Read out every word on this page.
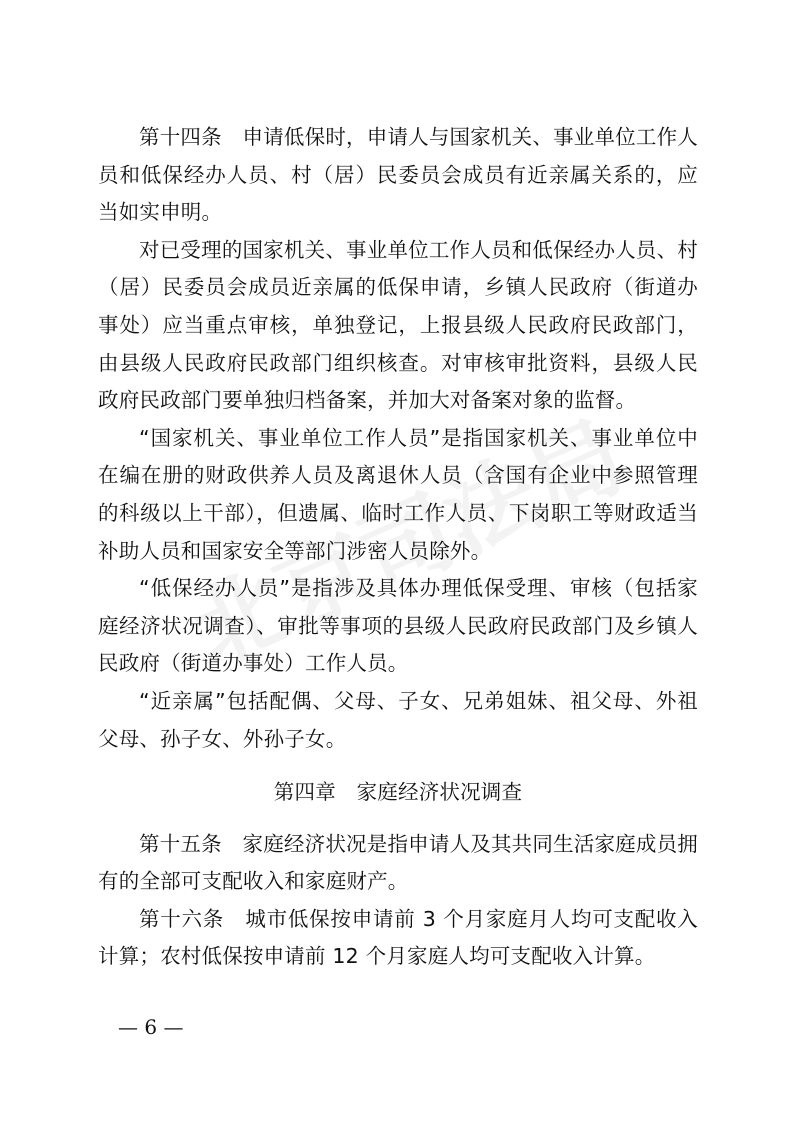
第十四条　申请低保时，申请人与国家机关、事业单位工作人员和低保经办人员、村（居）民委员会成员有近亲属关系的，应当如实申明。

对已受理的国家机关、事业单位工作人员和低保经办人员、村（居）民委员会成员近亲属的低保申请，乡镇人民政府（街道办事处）应当重点审核，单独登记，上报县级人民政府民政部门，由县级人民政府民政部门组织核查。对审核审批资料，县级人民政府民政部门要单独归档备案，并加大对备案对象的监督。

“国家机关、事业单位工作人员”是指国家机关、事业单位中在编在册的财政供养人员及离退休人员（含国有企业中参照管理的科级以上干部），但遗属、临时工作人员、下岗职工等财政适当补助人员和国家安全等部门涉密人员除外。

“低保经办人员”是指涉及具体办理低保受理、审核（包括家庭经济状况调查）、审批等事项的县级人民政府民政部门及乡镇人民政府（街道办事处）工作人员。

“近亲属”包括配偶、父母、子女、兄弟姐妹、祖父母、外祖父母、孙子女、外孙子女。

第四章　家庭经济状况调查

第十五条　家庭经济状况是指申请人及其共同生活家庭成员拥有的全部可支配收入和家庭财产。

第十六条　城市低保按申请前 3 个月家庭月人均可支配收入计算；农村低保按申请前 12 个月家庭人均可支配收入计算。

— 6 —
